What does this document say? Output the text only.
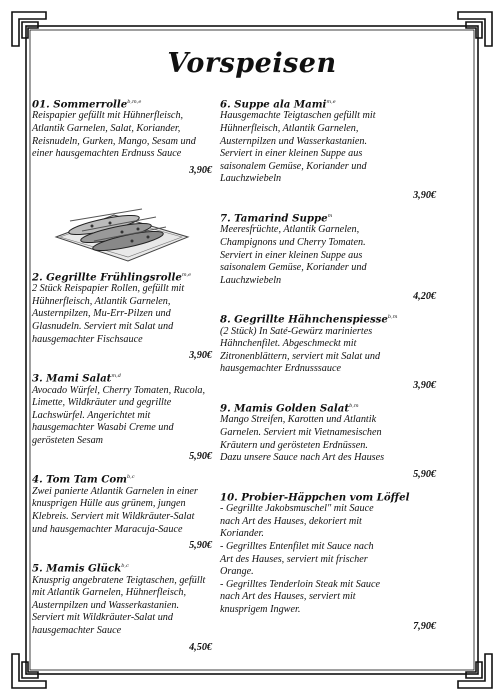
Vorspeisen
01. Sommerrolle$^{b,m,e}$

Reispapier gefüllt mit Hühnerfleisch, Atlantik Garnelen, Salat, Koriander, Reisnudeln, Gurken, Mango, Sesam und einer hausgemachten Erdnuss Sauce

3,90€
2. Gegrillte Frühlingsrolle$^{m,e}$

2 Stück Reispapier Rollen, gefüllt mit Hühnerfleisch, Atlantik Garnelen, Austernpilzen, Mu-Err-Pilzen und Glasnudeln. Serviert mit Salat und hausgemachter Fischsauce

3,90€
3. Mami Salat$^{m,d}$

Avocado Würfel, Cherry Tomaten, Rucola, Limette, Wildkräuter und gegrillte Lachswürfel. Angerichtet mit hausgemachter Wasabi Creme und gerösteten Sesam

5,90€
4. Tom Tam Com$^{b,c}$

Zwei panierte Atlantik Garnelen in einer knusprigen Hülle aus grünem, jungen Klebreis. Serviert mit Wildkräuter-Salat und hausgemachter Maracuja-Sauce

5,90€
5. Mamis Glück$^{b,c}$

Knusprig angebratene Teigtaschen, gefüllt mit Atlantik Garnelen, Hühnerfleisch, Austernpilzen und Wasserkastanien. Serviert mit Wildkräuter-Salat und hausgemachter Sauce

4,50€
6. Suppe ala Mami$^{m,e}$

Hausgemachte Teigtaschen gefüllt mit Hühnerfleisch, Atlantik Garnelen, Austernpilzen und Wasserkastanien. Serviert in einer kleinen Suppe aus saisonalem Gemüse, Koriander und Lauchzwiebeln

3,90€
7. Tamarind Suppe$^m$

Meeresfrüchte, Atlantik Garnelen, Champignons und Cherry Tomaten. Serviert in einer kleinen Suppe aus saisonalem Gemüse, Koriander und Lauchzwiebeln

4,20€
8. Gegrillte Hähnchenspiesse$^{b,m}$

(2 Stück) In Saté-Gewürz mariniertes Hähnchenfilet. Abgeschmeckt mit Zitronenblättern, serviert mit Salat und hausgemachter Erdnusssauce

3,90€
9. Mamis Golden Salat$^{b,m}$

Mango Streifen, Karotten und Atlantik Garnelen. Serviert mit Vietnamesischen Kräutern und gerösteten Erdnüssen. Dazu unsere Sauce nach Art des Hauses

5,90€
10. Probier-Häppchen vom Löffel

- Gegrillte Jakobsmuschel" mit Sauce nach Art des Hauses, dekoriert mit Koriander.
- Gegrilltes Entenfilet mit Sauce nach Art des Hauses, serviert mit frischer Orange.
- Gegrilltes Tenderloin Steak mit Sauce nach Art des Hauses, serviert mit knusprigem Ingwer.

7,90€
